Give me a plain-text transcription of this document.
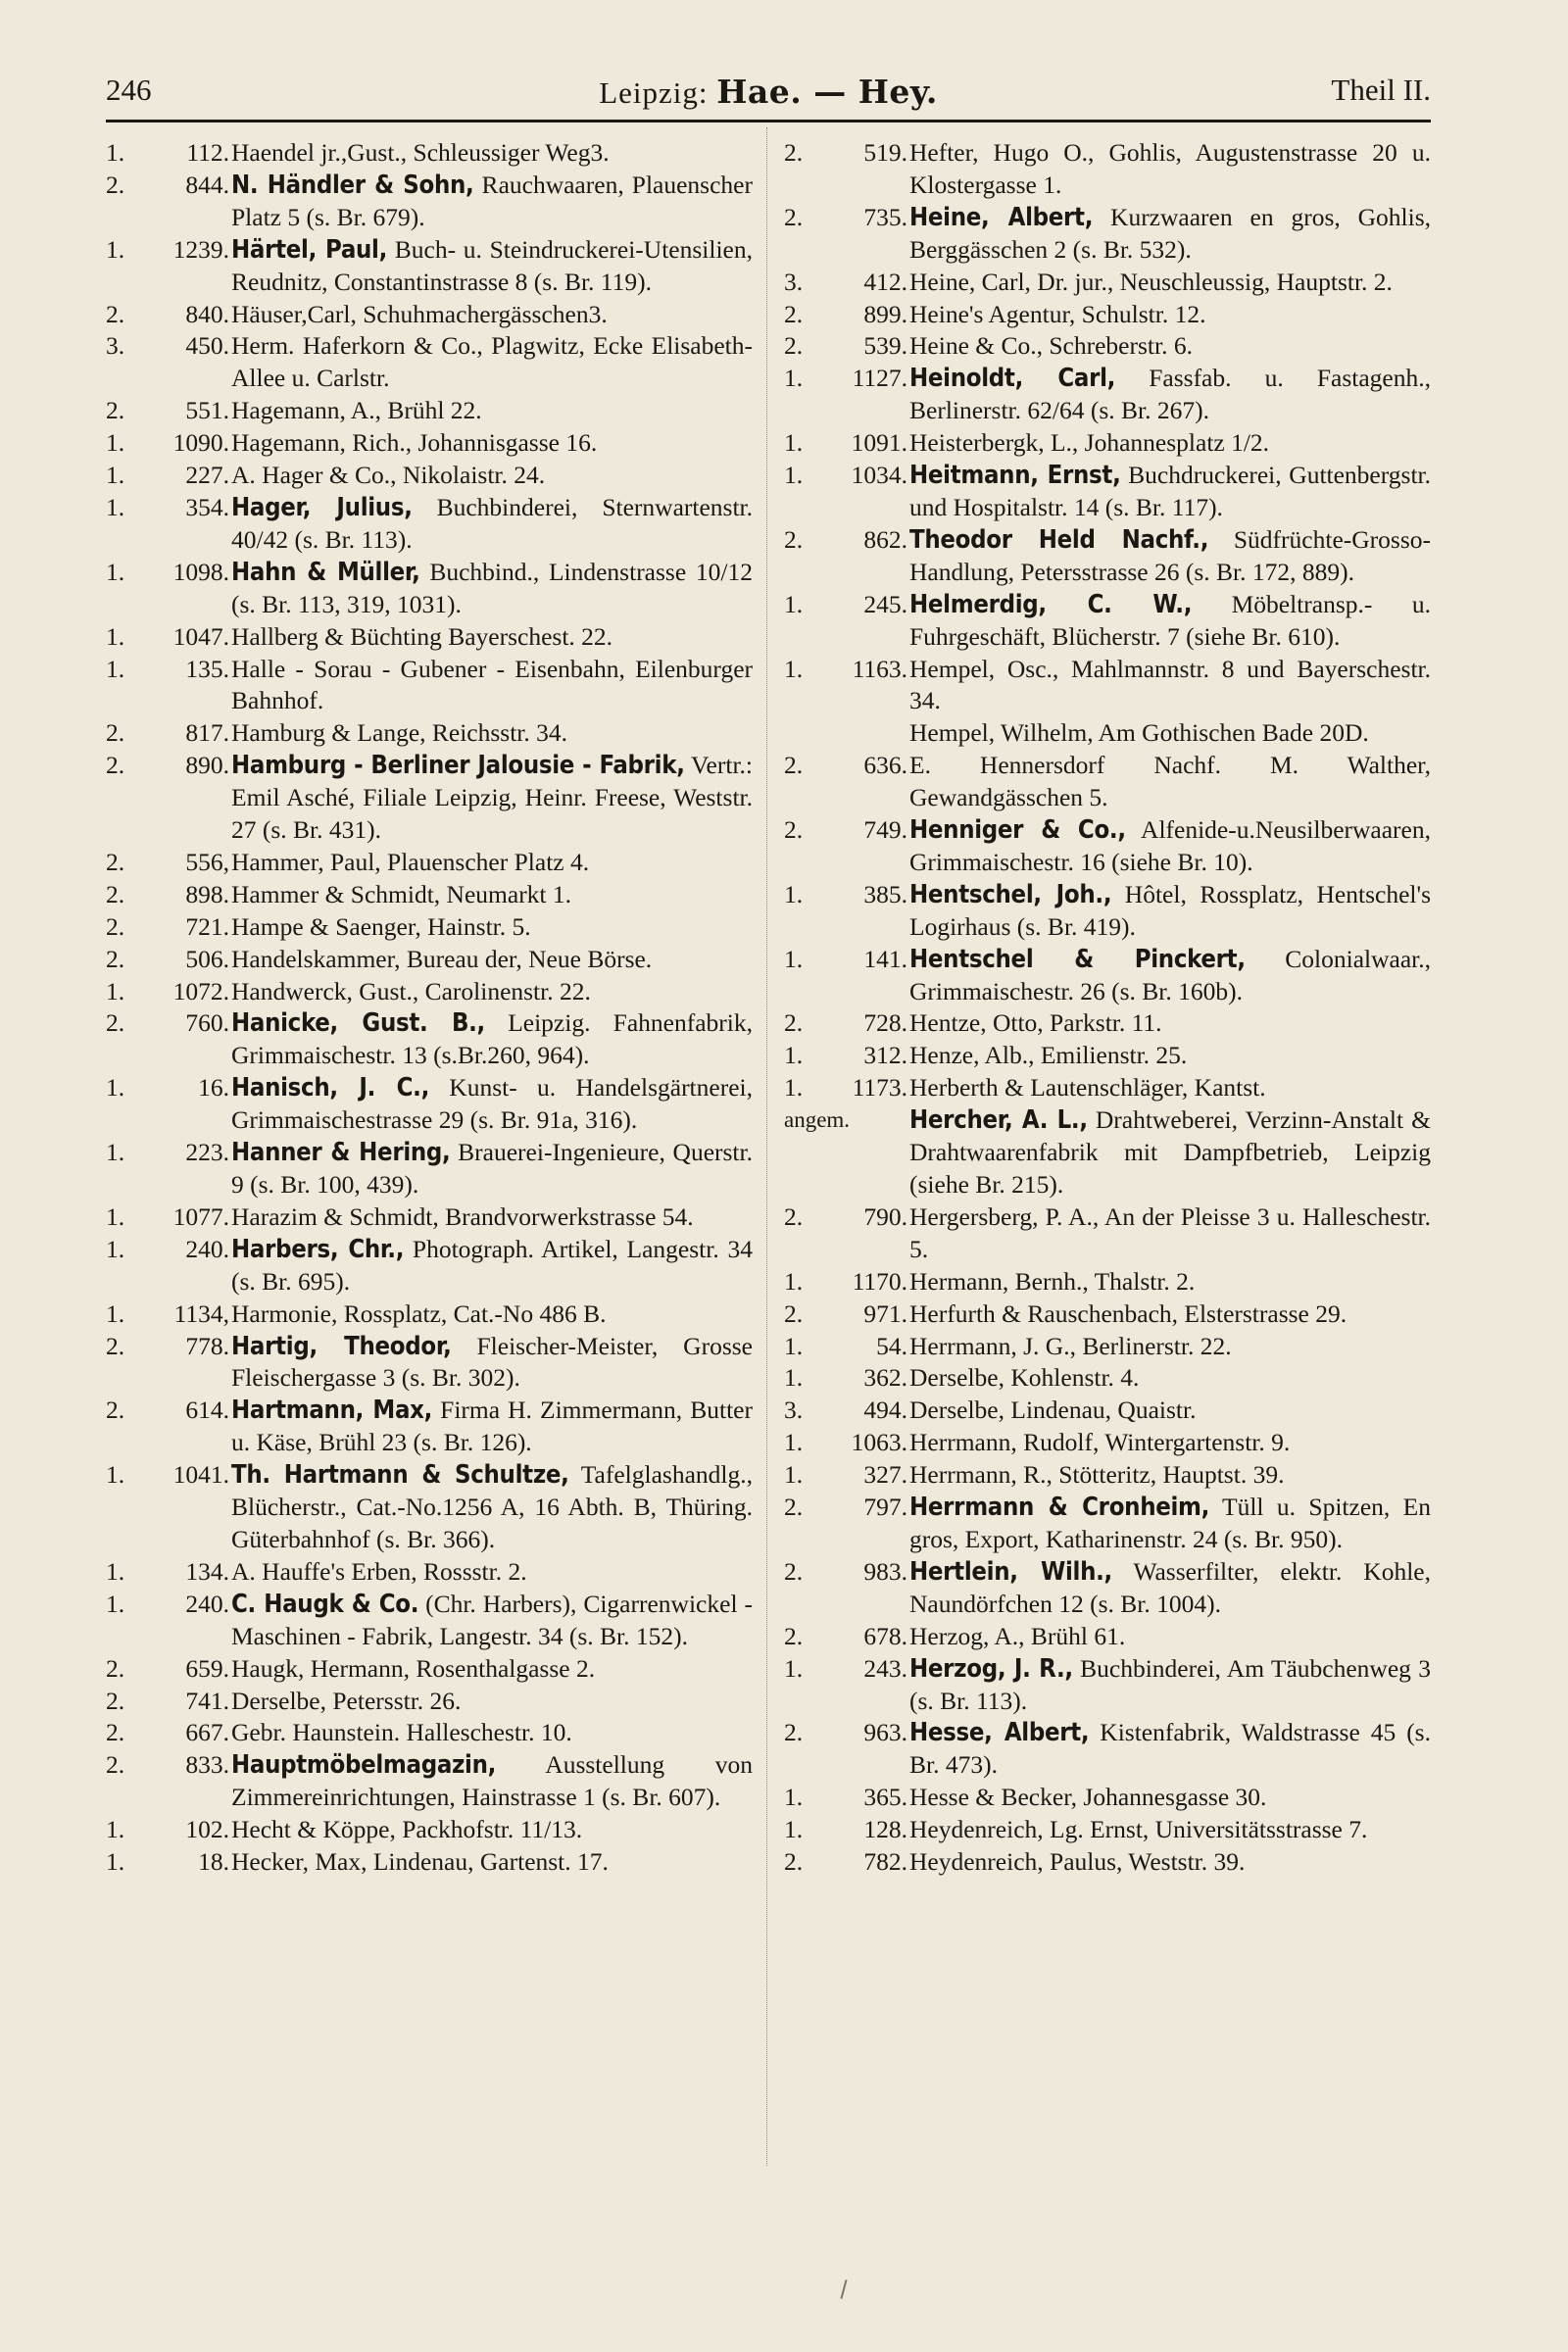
246	Leipzig: Hae. — Hey.	Theil II.
1.	112. Haendel jr.,Gust., Schleussiger Weg3.
2.	844. N. Händler & Sohn, Rauchwaaren, Plauenscher Platz 5 (s. Br. 679).
1.	1239. Härtel, Paul, Buch- u. Steindruckerei-Utensilien, Reudnitz, Constantinstrasse 8 (s. Br. 119).
2.	840. Häuser,Carl, Schuhmachergässchen3.
3.	450. Herm. Haferkorn & Co., Plagwitz, Ecke Elisabeth-Allee u. Carlstr.
2.	551. Hagemann, A., Brühl 22.
1.	1090. Hagemann, Rich., Johannisgasse 16.
1.	227. A. Hager & Co., Nikolaistr. 24.
1.	354. Hager, Julius, Buchbinderei, Sternwartenstr. 40/42 (s. Br. 113).
1.	1098. Hahn & Müller, Buchbind., Lindenstrasse 10/12 (s. Br. 113, 319, 1031).
1.	1047. Hallberg & Büchting Bayerschest. 22.
1.	135. Halle - Sorau - Gubener - Eisenbahn, Eilenburger Bahnhof.
2.	817. Hamburg & Lange, Reichsstr. 34.
2.	890. Hamburg - Berliner Jalousie - Fabrik, Vertr.: Emil Asché, Filiale Leipzig, Heinr. Freese, Weststr. 27 (s. Br. 431).
2.	556, Hammer, Paul, Plauenscher Platz 4.
2.	898. Hammer & Schmidt, Neumarkt 1.
2.	721. Hampe & Saenger, Hainstr. 5.
2.	506. Handelskammer, Bureau der, Neue Börse.
1.	1072. Handwerck, Gust., Carolinenstr. 22.
2.	760. Hanicke, Gust. B., Leipzig. Fahnenfabrik, Grimmaischestr. 13 (s.Br.260, 964).
1.	16. Hanisch, J. C., Kunst- u. Handelsgärtnerei, Grimmaischestrasse 29 (s. Br. 91a, 316).
1.	223. Hanner & Hering, Brauerei-Ingenieure, Querstr. 9 (s. Br. 100, 439).
1.	1077. Harazim & Schmidt, Brandvorwerkstrasse 54.
1.	240. Harbers, Chr., Photograph. Artikel, Langestr. 34 (s. Br. 695).
1.	1134, Harmonie, Rossplatz, Cat.-No 486 B.
2.	778. Hartig, Theodor, Fleischer-Meister, Grosse Fleischergasse 3 (s. Br. 302).
2.	614. Hartmann, Max, Firma H. Zimmermann, Butter u. Käse, Brühl 23 (s. Br. 126).
1.	1041. Th. Hartmann & Schultze, Tafelglashandlg., Blücherstr., Cat.-No.1256 A, 16 Abth. B, Thüring. Güterbahnhof (s. Br. 366).
1.	134. A. Hauffe's Erben, Rossstr. 2.
1.	240. C. Haugk & Co. (Chr. Harbers), Cigarrenwickel - Maschinen - Fabrik, Langestr. 34 (s. Br. 152).
2.	659. Haugk, Hermann, Rosenthalgasse 2.
2.	741. Derselbe, Petersstr. 26.
2.	667. Gebr. Haunstein. Halleschestr. 10.
2.	833. Hauptmöbelmagazin, Ausstellung von Zimmereinrichtungen, Hainstrasse 1 (s. Br. 607).
1.	102. Hecht & Köppe, Packhofstr. 11/13.
1.	18. Hecker, Max, Lindenau, Gartenst. 17.
2.	519. Hefter, Hugo O., Gohlis, Augustenstrasse 20 u. Klostergasse 1.
2.	735. Heine, Albert, Kurzwaaren en gros, Gohlis, Berggässchen 2 (s. Br. 532).
3.	412. Heine, Carl, Dr. jur., Neuschleussig, Hauptstr. 2.
2.	899. Heine's Agentur, Schulstr. 12.
2.	539. Heine & Co., Schreberstr. 6.
1.	1127. Heinoldt, Carl, Fassfab. u. Fastagenh., Berlinerstr. 62/64 (s. Br. 267).
1.	1091. Heisterbergk, L., Johannesplatz 1/2.
1.	1034. Heitmann, Ernst, Buchdruckerei, Guttenbergstr. und Hospitalstr. 14 (s. Br. 117).
2.	862. Theodor Held Nachf., Südfrüchte-Grosso-Handlung, Petersstrasse 26 (s. Br. 172, 889).
1.	245. Helmerdig, C. W., Möbeltransp.- u. Fuhrgeschäft, Blücherstr. 7 (siehe Br. 610).
1.	1163. Hempel, Osc., Mahlmannstr. 8 und Bayerschestr. 34.
Hempel, Wilhelm, Am Gothischen Bade 20D.
2.	636. E. Hennersdorf Nachf. M. Walther, Gewandgässchen 5.
2.	749. Henniger & Co., Alfenide-u.Neusilberwaaren, Grimmaischestr. 16 (siehe Br. 10).
1.	385. Hentschel, Joh., Hôtel, Rossplatz, Hentschel's Logirhaus (s. Br. 419).
1.	141. Hentschel & Pinckert, Colonialwaar., Grimmaischestr. 26 (s. Br. 160b).
2.	728. Hentze, Otto, Parkstr. 11.
1.	312. Henze, Alb., Emilienstr. 25.
1.	1173. Herberth & Lautenschläger, Kantst.
angem. Hercher, A. L., Drahtweberei, Verzinn-Anstalt & Drahtwaarenfabrik mit Dampfbetrieb, Leipzig (siehe Br. 215).
2.	790. Hergersberg, P. A., An der Pleisse 3 u. Halleschestr. 5.
1.	1170. Hermann, Bernh., Thalstr. 2.
2.	971. Herfurth & Rauschenbach, Elsterstrasse 29.
1.	54. Herrmann, J. G., Berlinerstr. 22.
1.	362. Derselbe, Kohlenstr. 4.
3.	494. Derselbe, Lindenau, Quaistr.
1.	1063. Herrmann, Rudolf, Wintergartenstr. 9.
1.	327. Herrmann, R., Stötteritz, Hauptst. 39.
2.	797. Herrmann & Cronheim, Tüll u. Spitzen, En gros, Export, Katharinenstr. 24 (s. Br. 950).
2.	983. Hertlein, Wilh., Wasserfilter, elektr. Kohle, Naundörfchen 12 (s. Br. 1004).
2.	678. Herzog, A., Brühl 61.
1.	243. Herzog, J. R., Buchbinderei, Am Täubchenweg 3 (s. Br. 113).
2.	963. Hesse, Albert, Kistenfabrik, Waldstrasse 45 (s. Br. 473).
1.	365. Hesse & Becker, Johannesgasse 30.
1.	128. Heydenreich, Lg. Ernst, Universitätsstrasse 7.
2.	782. Heydenreich, Paulus, Weststr. 39.
